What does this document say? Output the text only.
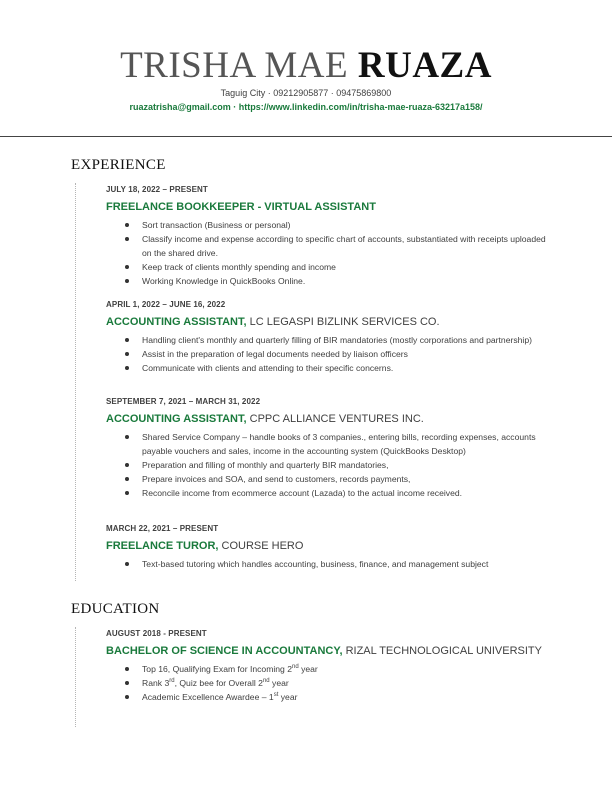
TRISHA MAE RUAZA
Taguig City · 09212905877 · 09475869800
ruazatrisha@gmail.com · https://www.linkedin.com/in/trisha-mae-ruaza-63217a158/
EXPERIENCE
JULY 18, 2022 – PRESENT
FREELANCE BOOKKEEPER - VIRTUAL ASSISTANT
Sort transaction (Business or personal)
Classify income and expense according to specific chart of accounts, substantiated with receipts uploaded on the shared drive.
Keep track of clients monthly spending and income
Working Knowledge in QuickBooks Online.
APRIL 1, 2022 – JUNE 16, 2022
ACCOUNTING ASSISTANT, LC LEGASPI BIZLINK SERVICES CO.
Handling client's monthly and quarterly filling of BIR mandatories (mostly corporations and partnership)
Assist in the preparation of legal documents needed by liaison officers
Communicate with clients and attending to their specific concerns.
SEPTEMBER 7, 2021 – MARCH 31, 2022
ACCOUNTING ASSISTANT, CPPC ALLIANCE VENTURES INC.
Shared Service Company – handle books of 3 companies., entering bills, recording expenses, accounts payable vouchers and sales, income in the accounting system (QuickBooks Desktop)
Preparation and filling of monthly and quarterly BIR mandatories,
Prepare invoices and SOA, and send to customers, records payments,
Reconcile income from ecommerce account (Lazada) to the actual income received.
MARCH 22, 2021 – PRESENT
FREELANCE TUROR, COURSE HERO
Text-based tutoring which handles accounting, business, finance, and management subject
EDUCATION
AUGUST 2018 - PRESENT
BACHELOR OF SCIENCE IN ACCOUNTANCY, RIZAL TECHNOLOGICAL UNIVERSITY
Top 16, Qualifying Exam for Incoming 2nd year
Rank 3rd, Quiz bee for Overall 2nd year
Academic Excellence Awardee – 1st year
